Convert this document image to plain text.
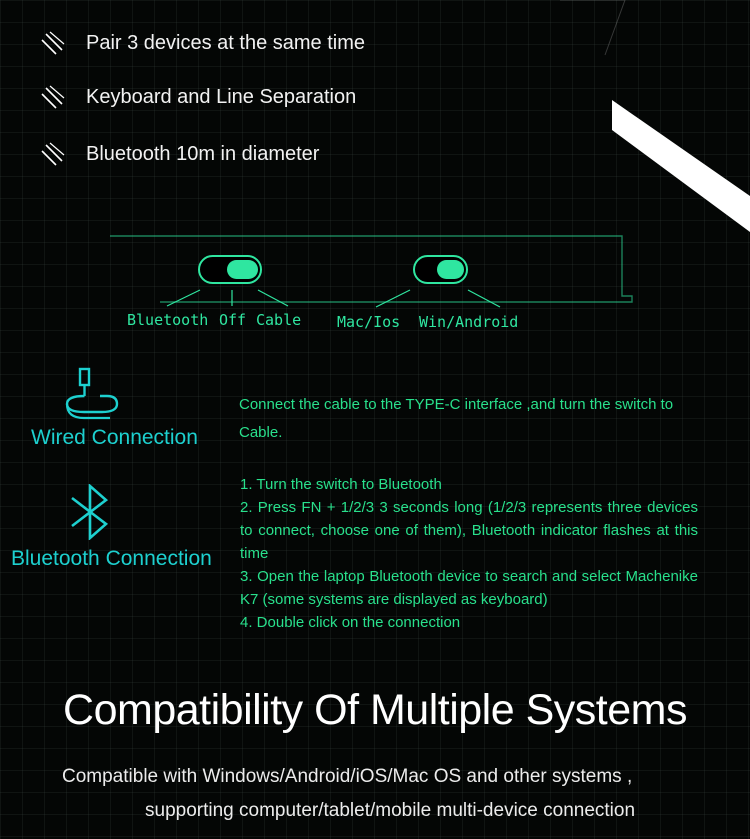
Pair 3 devices at the same time
Keyboard and Line Separation
Bluetooth 10m in diameter
Bluetooth Off Cable Mac/Ios Win/Android
Wired Connection
Connect the cable to the TYPE-C interface ,and turn the switch to Cable.
Bluetooth Connection

1. Turn the switch to Bluetooth

2. Press FN + 1/2/3 3 seconds long (1/2/3 represents three devices to connect, choose one of them), Bluetooth indicator flashes at this time

3. Open the laptop Bluetooth device to search and select Machenike K7 (some systems are displayed as keyboard)

4. Double click on the connection

Compatibility Of Multiple Systems
Compatible with Windows/Android/iOS/Mac OS and other systems ,
supporting computer/tablet/mobile multi-device connection
